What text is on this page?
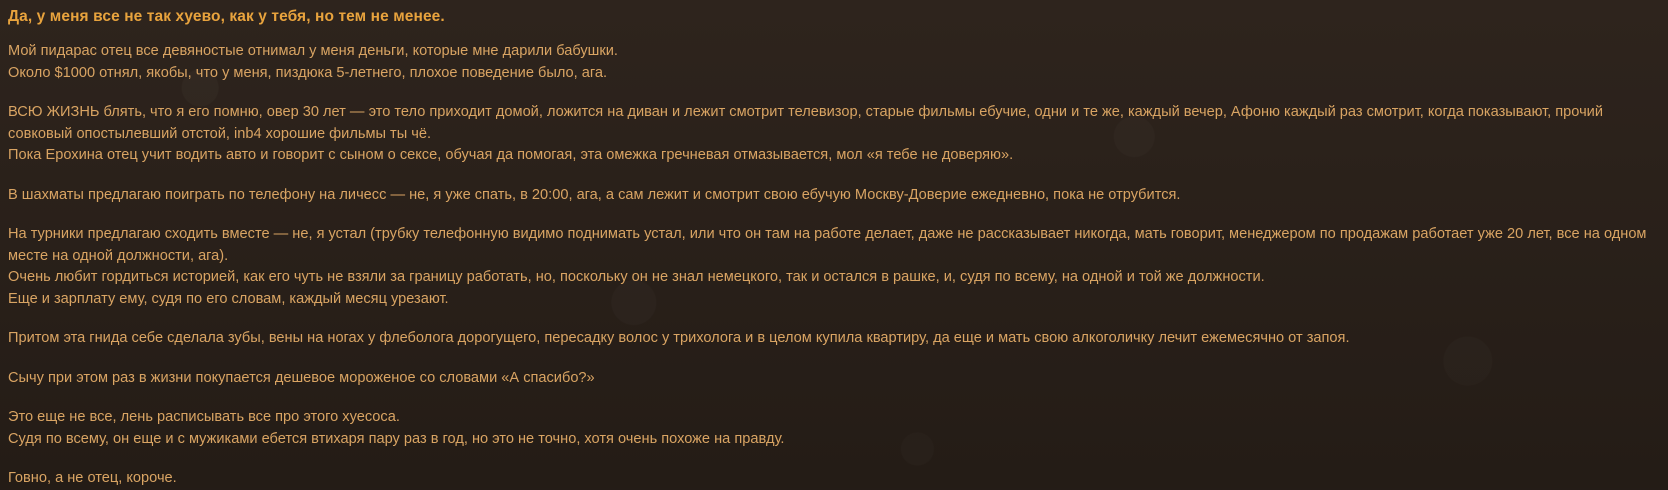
Да, у меня все не так хуево, как у тебя, но тем не менее.
Мой пидарас отец все девяностые отнимал у меня деньги, которые мне дарили бабушки.
Около $1000 отнял, якобы, что у меня, пиздюка 5-летнего, плохое поведение было, ага.
ВСЮ ЖИЗНЬ блять, что я его помню, овер 30 лет — это тело приходит домой, ложится на диван и лежит смотрит телевизор, старые фильмы ебучие, одни и те же, каждый вечер, Афоню каждый раз смотрит, когда показывают, прочий совковый опостылевший отстой, inb4 хорошие фильмы ты чё.
Пока Ерохина отец учит водить авто и говорит с сыном о сексе, обучая да помогая, эта омежка гречневая отмазывается, мол «я тебе не доверяю».
В шахматы предлагаю поиграть по телефону на личесс — не, я уже спать, в 20:00, ага, а сам лежит и смотрит свою ебучую Москву-Доверие ежедневно, пока не отрубится.
На турники предлагаю сходить вместе — не, я устал (трубку телефонную видимо поднимать устал, или что он там на работе делает, даже не рассказывает никогда, мать говорит, менеджером по продажам работает уже 20 лет, все на одном месте на одной должности, ага).
Очень любит гордиться историей, как его чуть не взяли за границу работать, но, поскольку он не знал немецкого, так и остался в рашке, и, судя по всему, на одной и той же должности.
Еще и зарплату ему, судя по его словам, каждый месяц урезают.
Притом эта гнида себе сделала зубы, вены на ногах у флеболога дорогущего, пересадку волос у трихолога и в целом купила квартиру, да еще и мать свою алкоголичку лечит ежемесячно от запоя.
Сычу при этом раз в жизни покупается дешевое мороженое со словами «А спасибо?»
Это еще не все, лень расписывать все про этого хуесоса.
Судя по всему, он еще и с мужиками ебется втихаря пару раз в год, но это не точно, хотя очень похоже на правду.
Говно, а не отец, короче.
